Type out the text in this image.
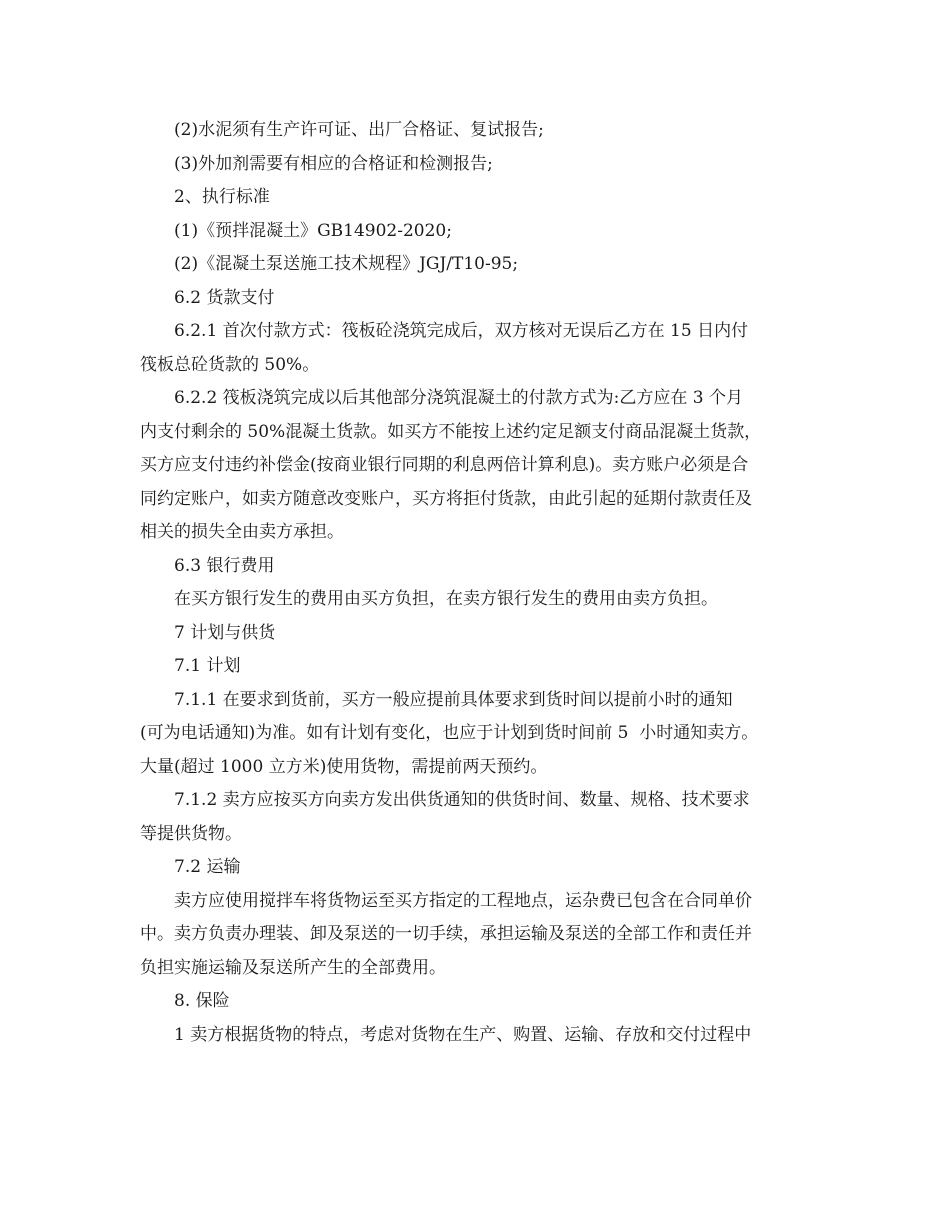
(2)水泥须有生产许可证、出厂合格证、复试报告;
(3)外加剂需要有相应的合格证和检测报告;
2、执行标准
(1)《预拌混凝土》GB14902-2020;
(2)《混凝土泵送施工技术规程》JGJ/T10-95;
6.2 货款支付
6.2.1 首次付款方式：筏板砼浇筑完成后，双方核对无误后乙方在 15 日内付
筏板总砼货款的 50%。
6.2.2 筏板浇筑完成以后其他部分浇筑混凝土的付款方式为:乙方应在 3 个月
内支付剩余的 50%混凝土货款。如买方不能按上述约定足额支付商品混凝土货款，
买方应支付违约补偿金(按商业银行同期的利息两倍计算利息)。卖方账户必须是合
同约定账户，如卖方随意改变账户，买方将拒付货款，由此引起的延期付款责任及
相关的损失全由卖方承担。
6.3 银行费用
在买方银行发生的费用由买方负担，在卖方银行发生的费用由卖方负担。
7 计划与供货
7.1 计划
7.1.1 在要求到货前，买方一般应提前具体要求到货时间以提前小时的通知
(可为电话通知)为准。如有计划有变化，也应于计划到货时间前 5  小时通知卖方。
大量(超过 1000 立方米)使用货物，需提前两天预约。
7.1.2 卖方应按买方向卖方发出供货通知的供货时间、数量、规格、技术要求
等提供货物。
7.2 运输
卖方应使用搅拌车将货物运至买方指定的工程地点，运杂费已包含在合同单价
中。卖方负责办理装、卸及泵送的一切手续，承担运输及泵送的全部工作和责任并
负担实施运输及泵送所产生的全部费用。
8. 保险
1 卖方根据货物的特点，考虑对货物在生产、购置、运输、存放和交付过程中
